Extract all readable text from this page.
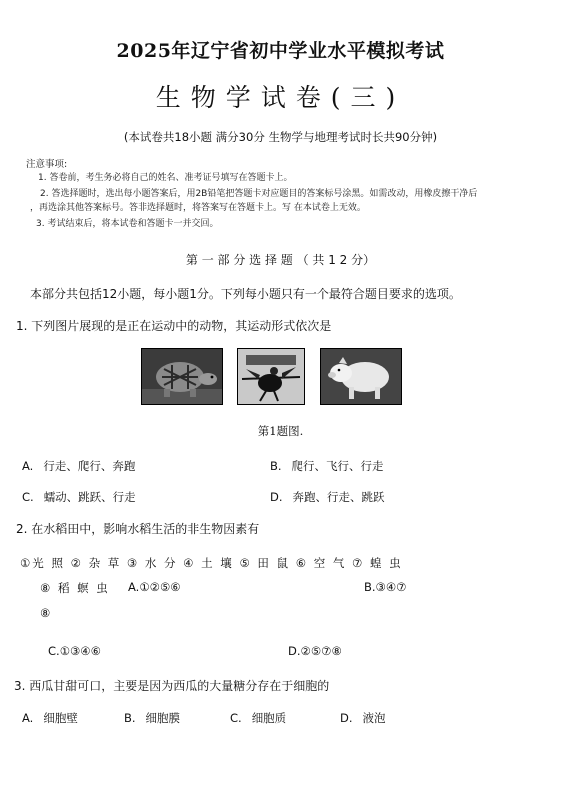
2025年辽宁省初中学业水平模拟考试
生物学试卷(三)
(本试卷共18小题 满分30分 生物学与地理考试时长共90分钟)
注意事项:
1. 答卷前，考生务必将自己的姓名、准考证号填写在答题卡上。
2. 答选择题时，选出每小题答案后，用2B铅笔把答题卡对应题目的答案标号涂黑。如需改动，用橡皮擦干净后
，再选涂其他答案标号。答非选择题时，将答案写在答题卡上。写 在本试卷上无效。
3. 考试结束后，将本试卷和答题卡一并交回。
第 一 部 分 选 择 题 （ 共 1 2 分）
本部分共包括12小题，每小题1分。下列每小题只有一个最符合题目要求的选项。
1. 下列图片展现的是正在运动中的动物，其运动形式依次是
第1题图.
A. 行走、爬行、奔跑	B. 爬行、飞行、行走
C. 蠕动、跳跃、行走	D. 奔跑、行走、跳跃
2. 在水稻田中，影响水稻生活的非生物因素有
①光 照 ② 杂 草 ③ 水 分 ④ 土 壤 ⑤ 田 鼠 ⑥ 空 气 ⑦ 蝗 虫
⑧ 稻 螟 虫 A.①②⑤⑥	B.③④⑦
⑧
C.①③④⑥	D.②⑤⑦⑧
3. 西瓜甘甜可口，主要是因为西瓜的大量糖分存在于细胞的
A. 细胞壁	B. 细胞膜	C. 细胞质	D. 液泡
